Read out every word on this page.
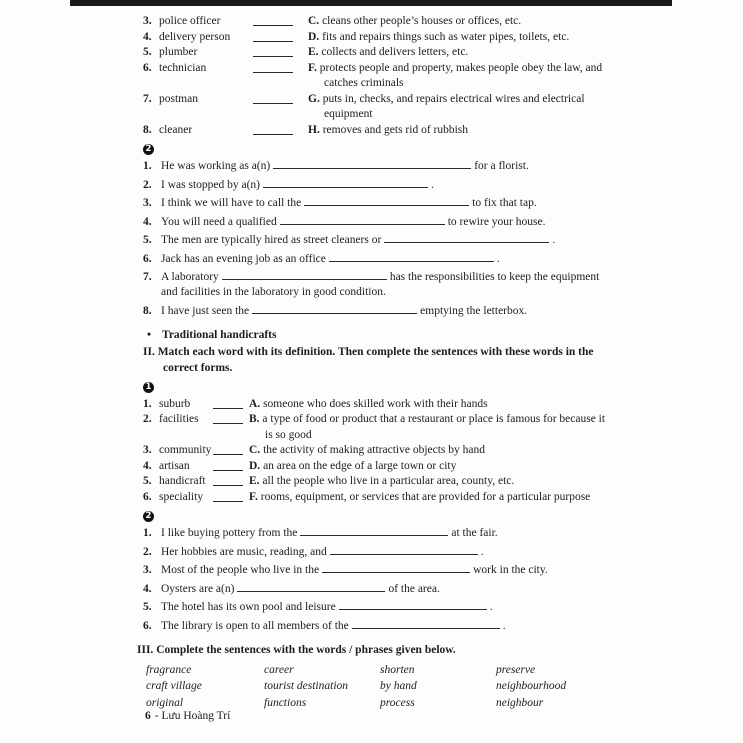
3. police officer	C. cleans other people’s houses or offices, etc.
4. delivery person	D. fits and repairs things such as water pipes, toilets, etc.
5. plumber	E. collects and delivers letters, etc.
6. technician	F. protects people and property, makes people obey the law, and catches criminals
7. postman	G. puts in, checks, and repairs electrical wires and electrical equipment
8. cleaner	H. removes and gets rid of rubbish
2
1. He was working as a(n)	for a florist.
2. I was stopped by a(n)	.
3. I think we will have to call the	to fix that tap.
4. You will need a qualified	to rewire your house.
5. The men are typically hired as street cleaners or	.
6. Jack has an evening job as an office	.
7. A laboratory	has the responsibilities to keep the equipment and facilities in the laboratory in good condition.
8. I have just seen the	emptying the letterbox.
• Traditional handicrafts
II. Match each word with its definition. Then complete the sentences with these words in the correct forms.
1
1. suburb	A. someone who does skilled work with their hands
2. facilities	B. a type of food or product that a restaurant or place is famous for because it is so good
3. community	C. the activity of making attractive objects by hand
4. artisan	D. an area on the edge of a large town or city
5. handicraft	E. all the people who live in a particular area, county, etc.
6. speciality	F. rooms, equipment, or services that are provided for a particular purpose
2
1. I like buying pottery from the	at the fair.
2. Her hobbies are music, reading, and	.
3. Most of the people who live in the	work in the city.
4. Oysters are a(n)	of the area.
5. The hotel has its own pool and leisure	.
6. The library is open to all members of the	.
III. Complete the sentences with the words / phrases given below.
fragrance	career	shorten	preserve
craft village	tourist destination	by hand	neighbourhood
original	functions	process	neighbour
6 - Lưu Hoàng Trí
